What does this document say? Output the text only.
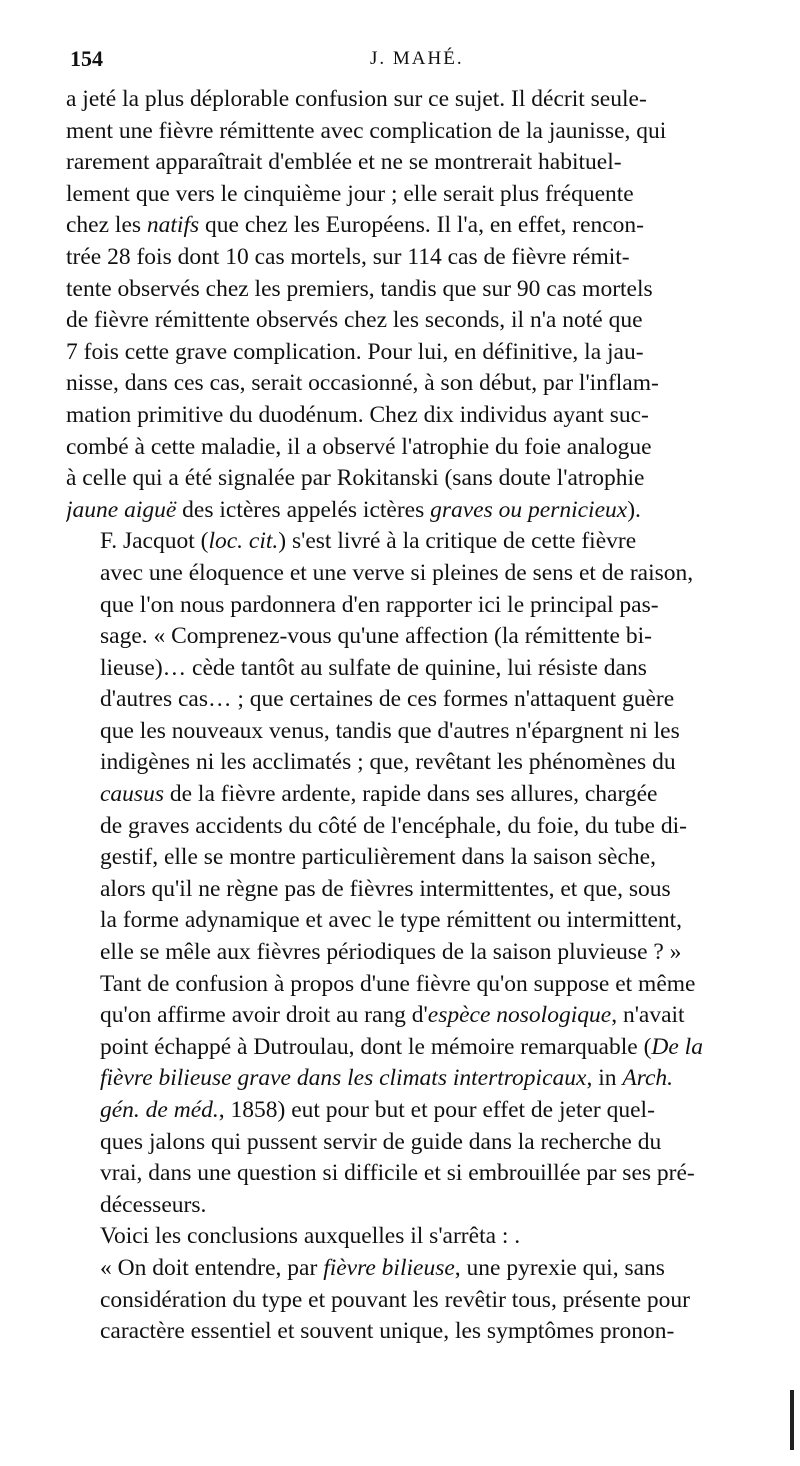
154	J. MAHÉ.
a jeté la plus déplorable confusion sur ce sujet. Il décrit seule-
ment une fièvre rémittente avec complication de la jaunisse, qui
rarement apparaîtrait d'emblée et ne se montrerait habituel-
lement que vers le cinquième jour ; elle serait plus fréquente
chez les natifs que chez les Européens. Il l'a, en effet, rencon-
trée 28 fois dont 10 cas mortels, sur 114 cas de fièvre rémit-
tente observés chez les premiers, tandis que sur 90 cas mortels
de fièvre rémittente observés chez les seconds, il n'a noté que
7 fois cette grave complication. Pour lui, en définitive, la jau-
nisse, dans ces cas, serait occasionné, à son début, par l'inflam-
mation primitive du duodénum. Chez dix individus ayant suc-
combé à cette maladie, il a observé l'atrophie du foie analogue
à celle qui a été signalée par Rokitanski (sans doute l'atrophie
jaune aiguë des ictères appelés ictères graves ou pernicieux).
F. Jacquot (loc. cit.) s'est livré à la critique de cette fièvre
avec une éloquence et une verve si pleines de sens et de raison,
que l'on nous pardonnera d'en rapporter ici le principal pas-
sage. « Comprenez-vous qu'une affection (la rémittente bi-
lieuse)… cède tantôt au sulfate de quinine, lui résiste dans
d'autres cas… ; que certaines de ces formes n'attaquent guère
que les nouveaux venus, tandis que d'autres n'épargnent ni les
indigènes ni les acclimatés ; que, revêtant les phénomènes du
causus de la fièvre ardente, rapide dans ses allures, chargée
de graves accidents du côté de l'encéphale, du foie, du tube di-
gestif, elle se montre particulièrement dans la saison sèche,
alors qu'il ne règne pas de fièvres intermittentes, et que, sous
la forme adynamique et avec le type rémittent ou intermittent,
elle se mêle aux fièvres périodiques de la saison pluvieuse ? »
Tant de confusion à propos d'une fièvre qu'on suppose et même
qu'on affirme avoir droit au rang d'espèce nosologique, n'avait
point échappé à Dutroulau, dont le mémoire remarquable (De la
fièvre bilieuse grave dans les climats intertropicaux, in Arch.
gén. de méd., 1858) eut pour but et pour effet de jeter quel-
ques jalons qui pussent servir de guide dans la recherche du
vrai, dans une question si difficile et si embrouillée par ses pré-
décesseurs.
Voici les conclusions auxquelles il s'arrêta : .
« On doit entendre, par fièvre bilieuse, une pyrexie qui, sans
considération du type et pouvant les revêtir tous, présente pour
caractère essentiel et souvent unique, les symptômes pronon-
